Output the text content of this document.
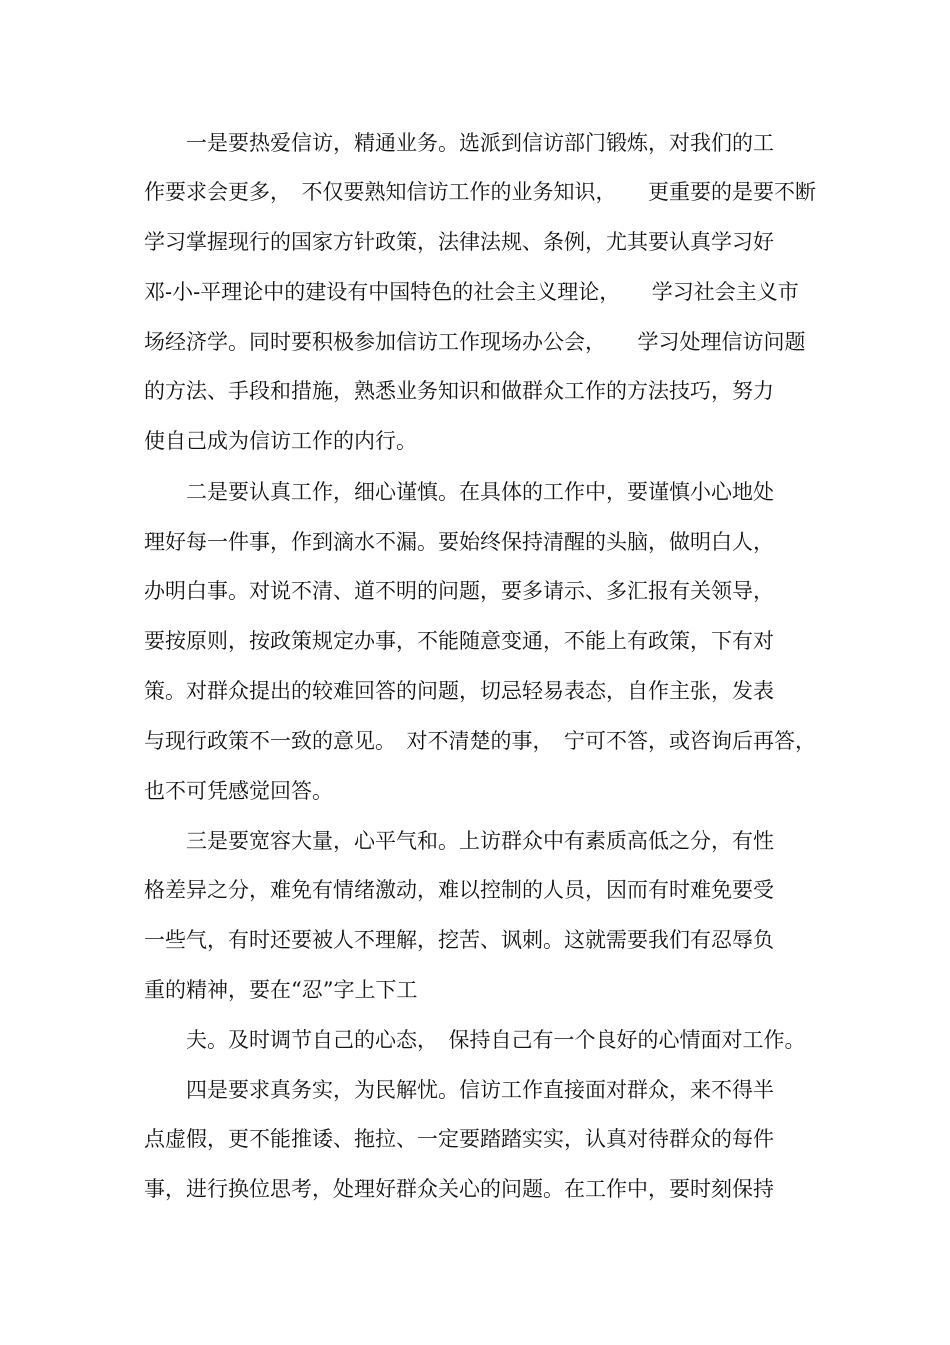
　　一是要热爱信访，精通业务。选派到信访部门锻炼，对我们的工
作要求会更多，　不仅要熟知信访工作的业务知识，　　更重要的是要不断
学习掌握现行的国家方针政策，法律法规、条例，尤其要认真学习好
邓-小-平理论中的建设有中国特色的社会主义理论，　　学习社会主义市
场经济学。同时要积极参加信访工作现场办公会，　　学习处理信访问题
的方法、手段和措施，熟悉业务知识和做群众工作的方法技巧，努力
使自己成为信访工作的内行。
　　二是要认真工作，细心谨慎。在具体的工作中，要谨慎小心地处
理好每一件事，作到滴水不漏。要始终保持清醒的头脑，做明白人，
办明白事。对说不清、道不明的问题，要多请示、多汇报有关领导，
要按原则，按政策规定办事，不能随意变通，不能上有政策，下有对
策。对群众提出的较难回答的问题，切忌轻易表态，自作主张，发表
与现行政策不一致的意见。　对不清楚的事，　宁可不答，或咨询后再答，
也不可凭感觉回答。
　　三是要宽容大量，心平气和。上访群众中有素质高低之分，有性
格差异之分，难免有情绪激动，难以控制的人员，因而有时难免要受
一些气，有时还要被人不理解，挖苦、讽刺。这就需要我们有忍辱负
重的精神，要在“忍”字上下工
　　夫。及时调节自己的心态，　保持自己有一个良好的心情面对工作。
　　四是要求真务实，为民解忧。信访工作直接面对群众，来不得半
点虚假，更不能推诿、拖拉、一定要踏踏实实，认真对待群众的每件
事，进行换位思考，处理好群众关心的问题。在工作中，要时刻保持
